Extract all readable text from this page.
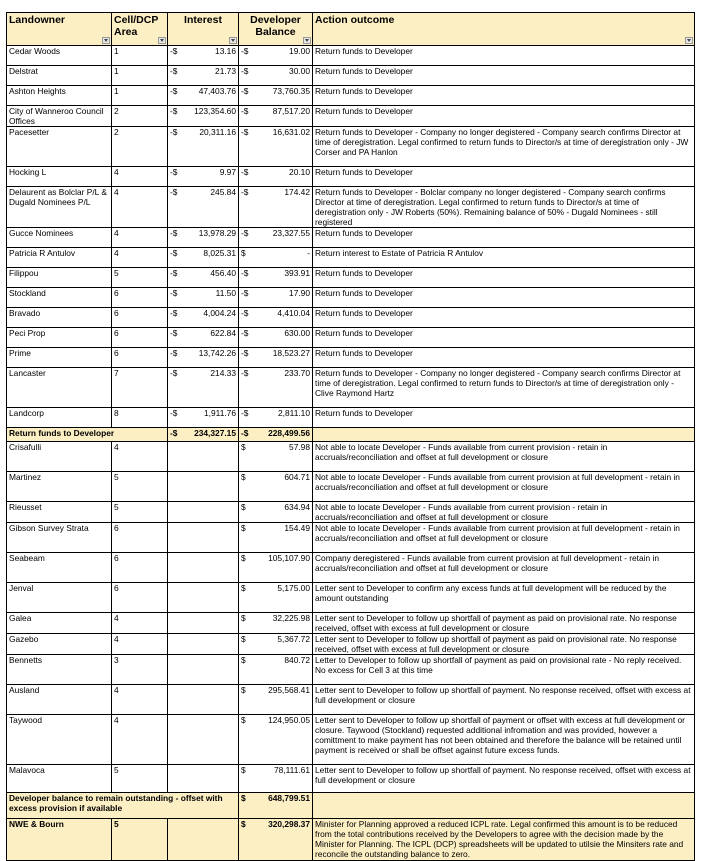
Landowner	Cell/DCP Area	Interest	Developer Balance	Action outcome

Cedar Woods	1	-$ 13.16	-$ 19.00	Return funds to Developer
Delstrat	1	-$ 21.73	-$ 30.00	Return funds to Developer
Ashton Heights	1	-$ 47,403.76	-$ 73,760.35	Return funds to Developer
City of Wanneroo Council Offices	2	-$ 123,354.60	-$ 87,517.20	Return funds to Developer
Pacesetter	2	-$ 20,311.16	-$ 16,631.02	Return funds to Developer - Company no longer degistered - Company search confirms Director at time of deregistration. Legal confirmed to return funds to Director/s at time of deregistration only - JW Corser and PA Hanlon
Hocking L	4	-$ 9.97	-$ 20.10	Return funds to Developer
Delaurent as Bolclar P/L & Dugald Nominees P/L	4	-$ 245.84	-$ 174.42	Return funds to Developer - Bolclar company no longer degistered - Company search confirms Director at time of deregistration. Legal confirmed to return funds to Director/s at time of deregistration only - JW Roberts (50%). Remaining balance of 50% - Dugald Nominees - still registered
Gucce Nominees	4	-$ 13,978.29	-$ 23,327.55	Return funds to Developer
Patricia R Antulov	4	-$ 8,025.31	$ -	Return interest to Estate of Patricia R Antulov
Filippou	5	-$ 456.40	-$ 393.91	Return funds to Developer
Stockland	6	-$ 11.50	-$ 17.90	Return funds to Developer
Bravado	6	-$ 4,004.24	-$ 4,410.04	Return funds to Developer
Peci Prop	6	-$ 622.84	-$ 630.00	Return funds to Developer
Prime	6	-$ 13,742.26	-$ 18,523.27	Return funds to Developer
Lancaster	7	-$ 214.33	-$ 233.70	Return funds to Developer - Company no longer degistered - Company search confirms Director at time of deregistration. Legal confirmed to return funds to Director/s at time of deregistration only - Clive Raymond Hartz
Landcorp	8	-$ 1,911.76	-$ 2,811.10	Return funds to Developer
Return funds to Developer		-$ 234,327.15	-$ 228,499.56	

Crisafulli	4		$ 57.98	Not able to locate Developer - Funds available from current provision - retain in accruals/reconciliation and offset at full development or closure
Martinez	5		$ 604.71	Not able to locate Developer - Funds available from current provision at full development - retain in accruals/reconciliation and offset at full development or closure
Rieusset	5		$ 634.94	Not able to locate Developer - Funds available from current provision - retain in accruals/reconciliation and offset at full development or closure
Gibson Survey Strata	6		$ 154.49	Not able to locate Developer - Funds available from current provision at full development - retain in accruals/reconciliation and offset at full development or closure
Seabeam	6		$ 105,107.90	Company deregistered - Funds available from current provision at full development - retain in accruals/reconciliation and offset at full development or closure
Jenval	6		$ 5,175.00	Letter sent to Developer to confirm any excess funds at full development will be reduced by the amount outstanding
Galea	4		$ 32,225.98	Letter sent to Developer to follow up shortfall of payment as paid on provisional rate. No response received, offset with excess at full development or closure
Gazebo	4		$ 5,367.72	Letter sent to Developer to follow up shortfall of payment as paid on provisional rate. No response received, offset with excess at full development or closure
Bennetts	3		$ 840.72	Letter to Developer to follow up shortfall of payment as paid on provisional rate - No reply received. No excess for Cell 3 at this time
Ausland	4		$ 295,568.41	Letter sent to Developer to follow up shortfall of payment. No response received, offset with excess at full development or closure
Taywood	4		$ 124,950.05	Letter sent to Developer to follow up shortfall of payment or offset with excess at full development or closure. Taywood (Stockland) requested additional infromation and was provided, however a comittment to make payment has not been obtained and therefore the balance will be retained until payment is received or shall be offset against future excess funds.
Malavoca	5		$ 78,111.61	Letter sent to Developer to follow up shortfall of payment. No response received, offset with excess at full development or closure
Developer balance to remain outstanding - offset with excess provision if available			$ 648,799.51	

NWE & Bourn	5		$ 320,298.37	Minister for Planning approved a reduced ICPL rate. Legal confirmed this amount is to be reduced from the total contributions received by the Developers to agree with the decision made by the Minister for Planning. The ICPL (DCP) spreadsheets will be updated to utilsie the Minsiters rate and reconcile the outstanding balance to zero.
